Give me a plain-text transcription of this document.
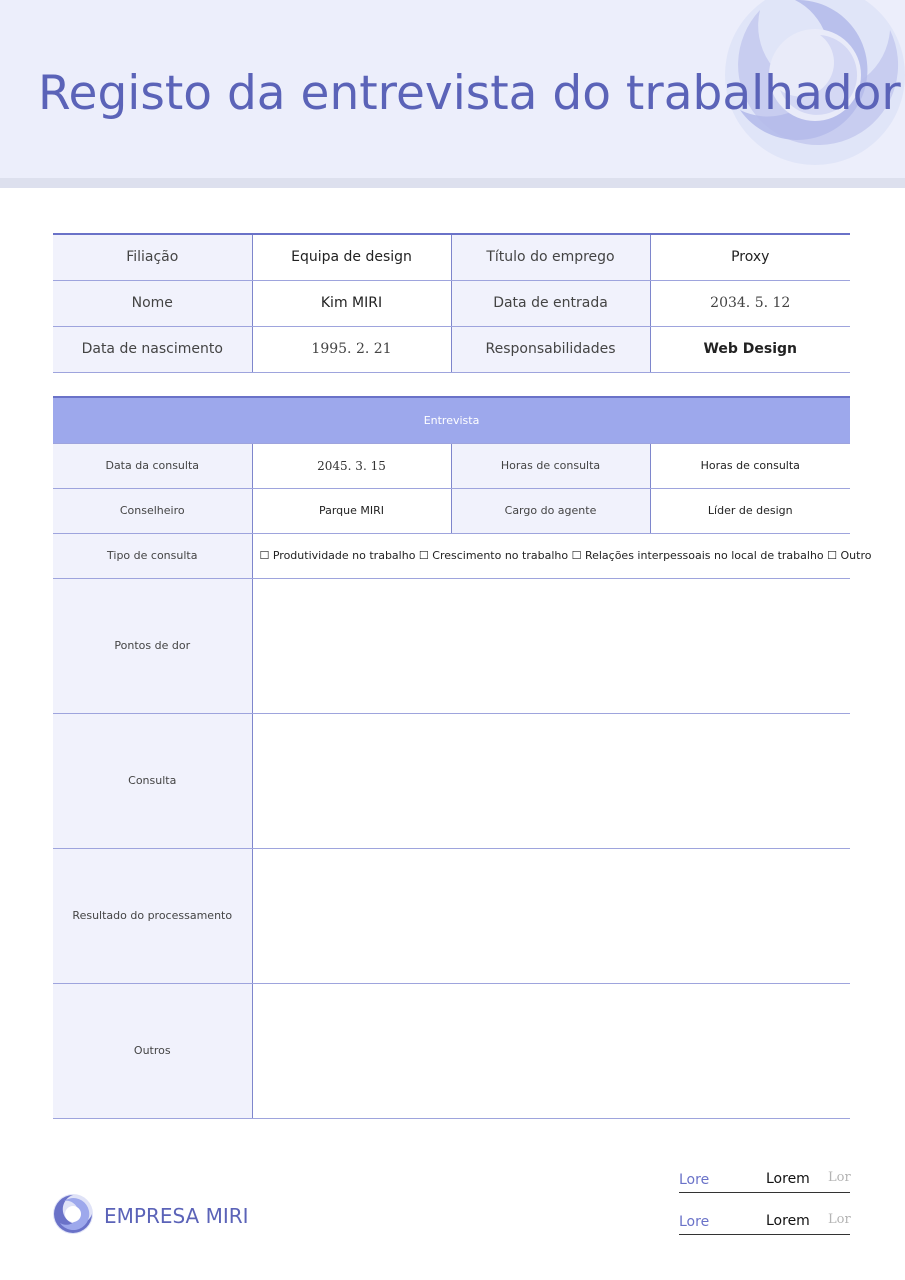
Registo da entrevista do trabalhador
Filiação	Equipa de design	Título do emprego	Proxy
Nome	Kim MIRI	Data de entrada	2034. 5. 12
Data de nascimento	1995. 2. 21	Responsabilidades	Web Design
Entrevista			
Data da consulta	2045. 3. 15	Horas de consulta	Horas de consulta
Conselheiro	Parque MIRI	Cargo do agente	Líder de design
Tipo de consulta	☐ Produtividade no trabalho ☐ Crescimento no trabalho ☐ Relações interpessoais no local de trabalho ☐ Outro		
Pontos de dor			
Consulta			
Resultado do processamento			
Outros			
EMPRESA MIRI
Lore	Lorem Lor
Lore	Lorem Lor
